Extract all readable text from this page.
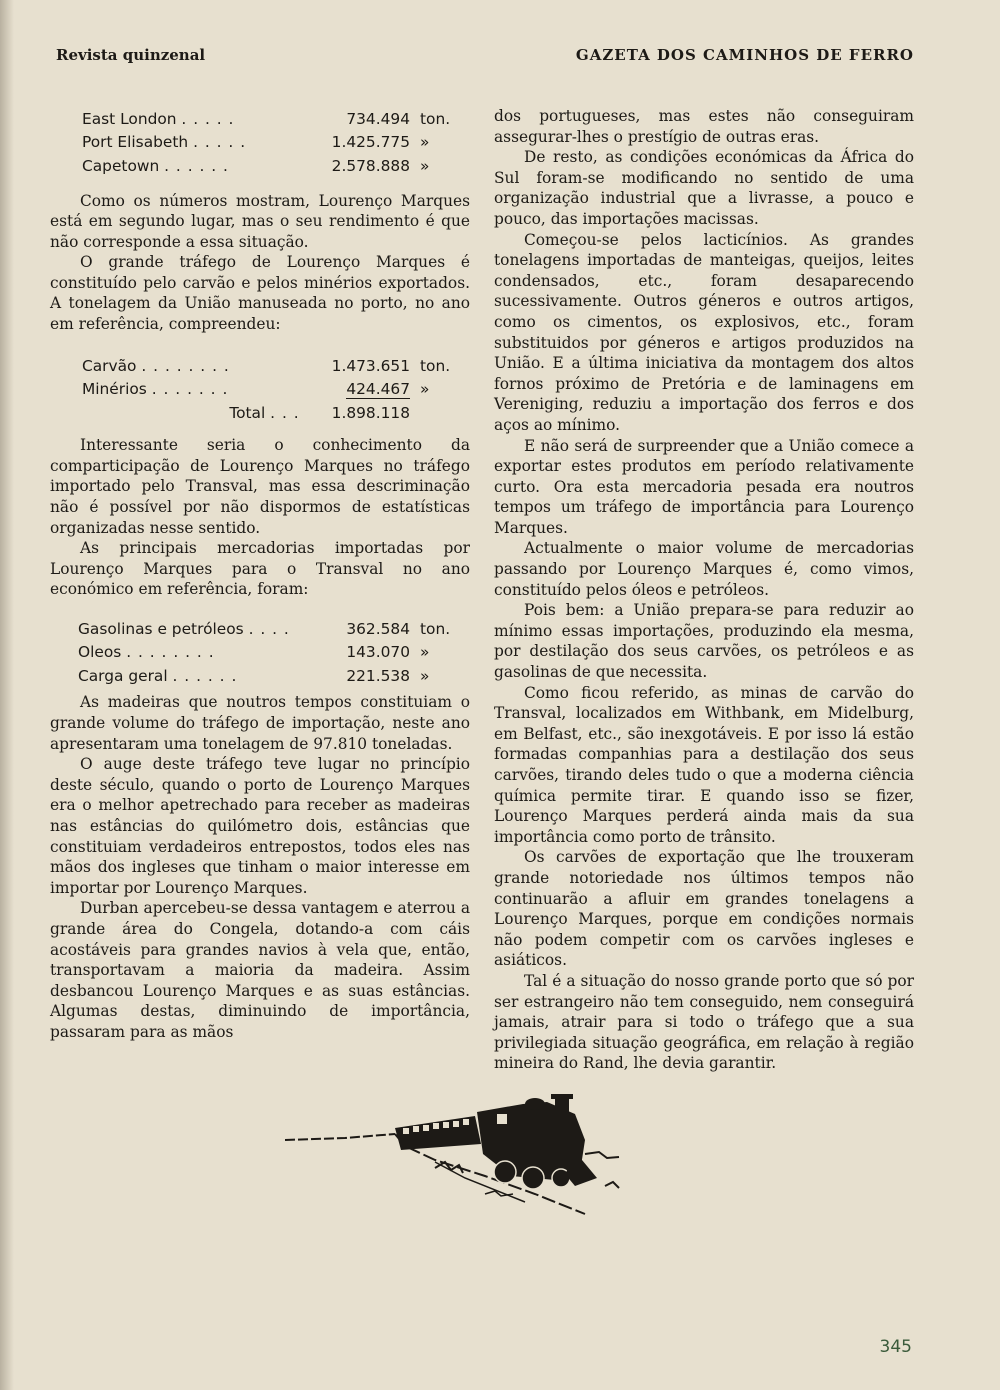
Revista quinzenal	GAZETA DOS CAMINHOS DE FERRO
East London . . . . .	734.494	ton.
Port Elisabeth . . . . .	1.425.775	»
Capetown . . . . . .	2.578.888	»

Como os números mostram, Lourenço Marques está em segundo lugar, mas o seu rendimento é que não corresponde a essa situação.

O grande tráfego de Lourenço Marques é constituído pelo carvão e pelos minérios exportados. A tonelagem da União manuseada no porto, no ano em referência, compreendeu:

Carvão . . . . . . . .	1.473.651	ton.
Minérios . . . . . . .	424.467	»
Total . . .	1.898.118	

Interessante seria o conhecimento da comparticipação de Lourenço Marques no tráfego importado pelo Transval, mas essa descriminação não é possível por não dispormos de estatísticas organizadas nesse sentido.

As principais mercadorias importadas por Lourenço Marques para o Transval no ano económico em referência, foram:

Gasolinas e petróleos . . . .	362.584	ton.
Oleos . . . . . . . .	143.070	»
Carga geral . . . . . .	221.538	»

As madeiras que noutros tempos constituiam o grande volume do tráfego de importação, neste ano apresentaram uma tonelagem de 97.810 toneladas.

O auge deste tráfego teve lugar no princípio deste século, quando o porto de Lourenço Marques era o melhor apetrechado para receber as madeiras nas estâncias do quilómetro dois, estâncias que constituiam verdadeiros entrepostos, todos eles nas mãos dos ingleses que tinham o maior interesse em importar por Lourenço Marques.

Durban apercebeu-se dessa vantagem e aterrou a grande área do Congela, dotando-a com cáis acostáveis para grandes navios à vela que, então, transportavam a maioria da madeira. Assim desbancou Lourenço Marques e as suas estâncias. Algumas destas, diminuindo de importância, passaram para as mãos

dos portugueses, mas estes não conseguiram assegurar-lhes o prestígio de outras eras.

De resto, as condições económicas da África do Sul foram-se modificando no sentido de uma organização industrial que a livrasse, a pouco e pouco, das importações macissas.

Começou-se pelos lacticínios. As grandes tonelagens importadas de manteigas, queijos, leites condensados, etc., foram desaparecendo sucessivamente. Outros géneros e outros artigos, como os cimentos, os explosivos, etc., foram substituidos por géneros e artigos produzidos na União. E a última iniciativa da montagem dos altos fornos próximo de Pretória e de laminagens em Vereniging, reduziu a importação dos ferros e dos aços ao mínimo.

E não será de surpreender que a União comece a exportar estes produtos em período relativamente curto. Ora esta mercadoria pesada era noutros tempos um tráfego de importância para Lourenço Marques.

Actualmente o maior volume de mercadorias passando por Lourenço Marques é, como vimos, constituído pelos óleos e petróleos.

Pois bem: a União prepara-se para reduzir ao mínimo essas importações, produzindo ela mesma, por destilação dos seus carvões, os petróleos e as gasolinas de que necessita.

Como ficou referido, as minas de carvão do Transval, localizados em Withbank, em Midelburg, em Belfast, etc., são inexgotáveis. E por isso lá estão formadas companhias para a destilação dos seus carvões, tirando deles tudo o que a moderna ciência química permite tirar. E quando isso se fizer, Lourenço Marques perderá ainda mais da sua importância como porto de trânsito.

Os carvões de exportação que lhe trouxeram grande notoriedade nos últimos tempos não continuarão a afluir em grandes tonelagens a Lourenço Marques, porque em condições normais não podem competir com os carvões ingleses e asiáticos.

Tal é a situação do nosso grande porto que só por ser estrangeiro não tem conseguido, nem conseguirá jamais, atrair para si todo o tráfego que a sua privilegiada situação geográfica, em relação à região mineira do Rand, lhe devia garantir.

345
